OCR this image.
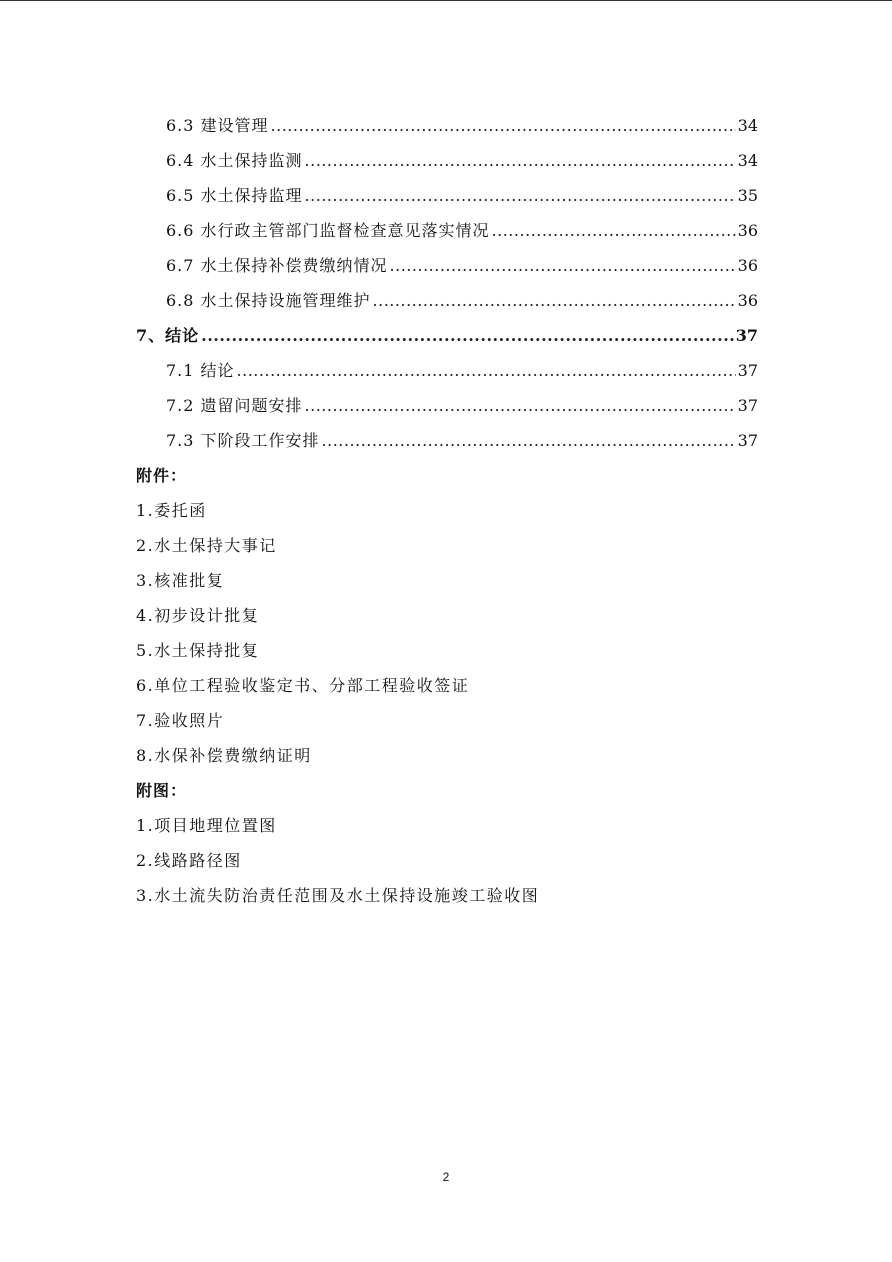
6.3 建设管理 .....	34
6.4 水土保持监测 .....	34
6.5 水土保持监理 .....	35
6.6 水行政主管部门监督检查意见落实情况 .....	36
6.7 水土保持补偿费缴纳情况 .....	36
6.8 水土保持设施管理维护 .....	36
7、结论 .....	37
7.1 结论 .....	37
7.2 遗留问题安排 .....	37
7.3 下阶段工作安排 .....	37
附件：
1.委托函
2.水土保持大事记
3.核准批复
4.初步设计批复
5.水土保持批复
6.单位工程验收鉴定书、分部工程验收签证
7.验收照片
8.水保补偿费缴纳证明
附图：
1.项目地理位置图
2.线路路径图
3.水土流失防治责任范围及水土保持设施竣工验收图
2
